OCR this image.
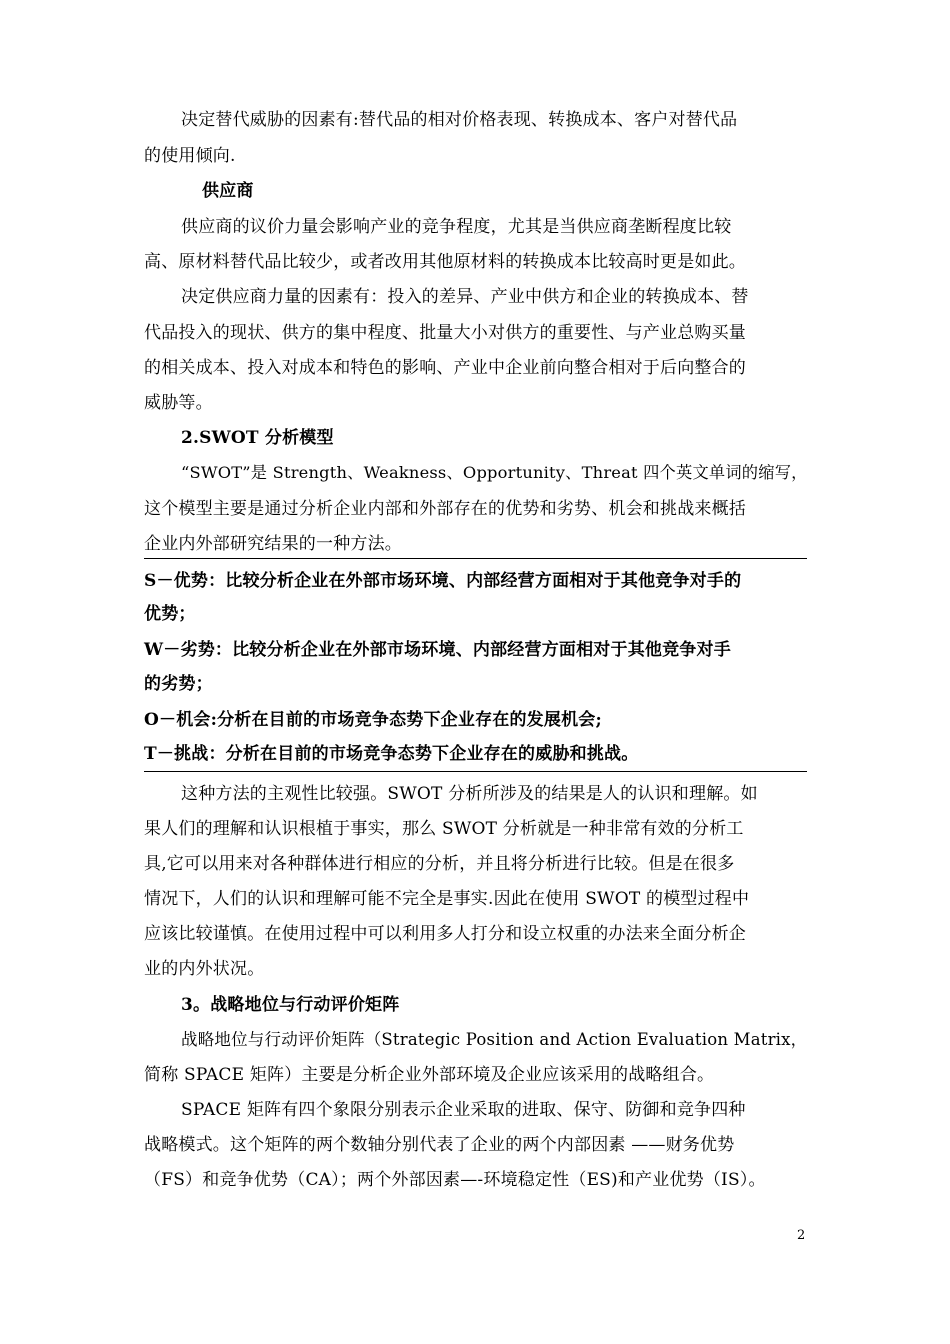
决定替代威胁的因素有:替代品的相对价格表现、转换成本、客户对替代品
的使用倾向.
供应商
供应商的议价力量会影响产业的竞争程度，尤其是当供应商垄断程度比较
高、原材料替代品比较少，或者改用其他原材料的转换成本比较高时更是如此。
决定供应商力量的因素有：投入的差异、产业中供方和企业的转换成本、替
代品投入的现状、供方的集中程度、批量大小对供方的重要性、与产业总购买量
的相关成本、投入对成本和特色的影响、产业中企业前向整合相对于后向整合的
威胁等。
2.SWOT 分析模型
“SWOT”是 Strength、Weakness、Opportunity、Threat 四个英文单词的缩写，
这个模型主要是通过分析企业内部和外部存在的优势和劣势、机会和挑战来概括
企业内外部研究结果的一种方法。
S－优势：比较分析企业在外部市场环境、内部经营方面相对于其他竞争对手的
优势；
W－劣势：比较分析企业在外部市场环境、内部经营方面相对于其他竞争对手
的劣势；
O－机会:分析在目前的市场竞争态势下企业存在的发展机会;
T－挑战：分析在目前的市场竞争态势下企业存在的威胁和挑战。
这种方法的主观性比较强。SWOT 分析所涉及的结果是人的认识和理解。如
果人们的理解和认识根植于事实，那么 SWOT 分析就是一种非常有效的分析工
具,它可以用来对各种群体进行相应的分析，并且将分析进行比较。但是在很多
情况下，人们的认识和理解可能不完全是事实.因此在使用 SWOT 的模型过程中
应该比较谨慎。在使用过程中可以利用多人打分和设立权重的办法来全面分析企
业的内外状况。
3。战略地位与行动评价矩阵
战略地位与行动评价矩阵（Strategic Position and Action Evaluation Matrix，
简称 SPACE 矩阵）主要是分析企业外部环境及企业应该采用的战略组合。
SPACE 矩阵有四个象限分别表示企业采取的进取、保守、防御和竞争四种
战略模式。这个矩阵的两个数轴分别代表了企业的两个内部因素 ——财务优势
（FS）和竞争优势（CA）；两个外部因素—-环境稳定性（ES)和产业优势（IS）。
2
